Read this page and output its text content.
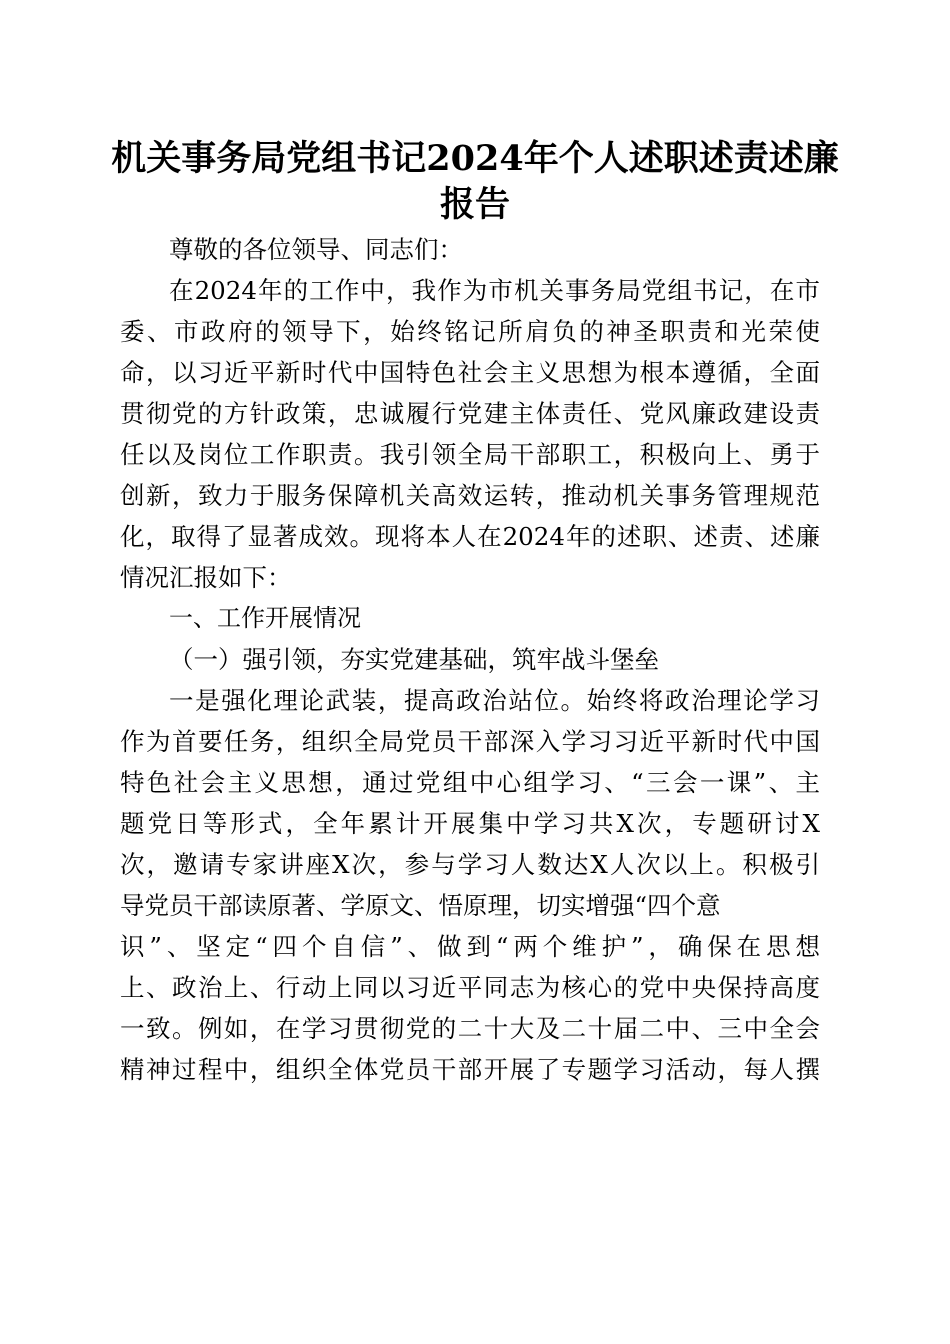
机关事务局党组书记2024年个人述职述责述廉报告
尊敬的各位领导、同志们：
在2024年的工作中，我作为市机关事务局党组书记，在市
委、市政府的领导下，始终铭记所肩负的神圣职责和光荣使
命，以习近平新时代中国特色社会主义思想为根本遵循，全面
贯彻党的方针政策，忠诚履行党建主体责任、党风廉政建设责
任以及岗位工作职责。我引领全局干部职工，积极向上、勇于
创新，致力于服务保障机关高效运转，推动机关事务管理规范
化，取得了显著成效。现将本人在2024年的述职、述责、述廉
情况汇报如下：
一、工作开展情况
（一）强引领，夯实党建基础，筑牢战斗堡垒
一是强化理论武装，提高政治站位。始终将政治理论学习
作为首要任务，组织全局党员干部深入学习习近平新时代中国
特色社会主义思想，通过党组中心组学习、“三会一课”、主
题党日等形式，全年累计开展集中学习共X次，专题研讨X
次，邀请专家讲座X次，参与学习人数达X人次以上。积极引
导党员干部读原著、学原文、悟原理，切实增强“四个意
识”、坚定“四个自信”、做到“两个维护”，确保在思想
上、政治上、行动上同以习近平同志为核心的党中央保持高度
一致。例如，在学习贯彻党的二十大及二十届二中、三中全会
精神过程中，组织全体党员干部开展了专题学习活动，每人撰
